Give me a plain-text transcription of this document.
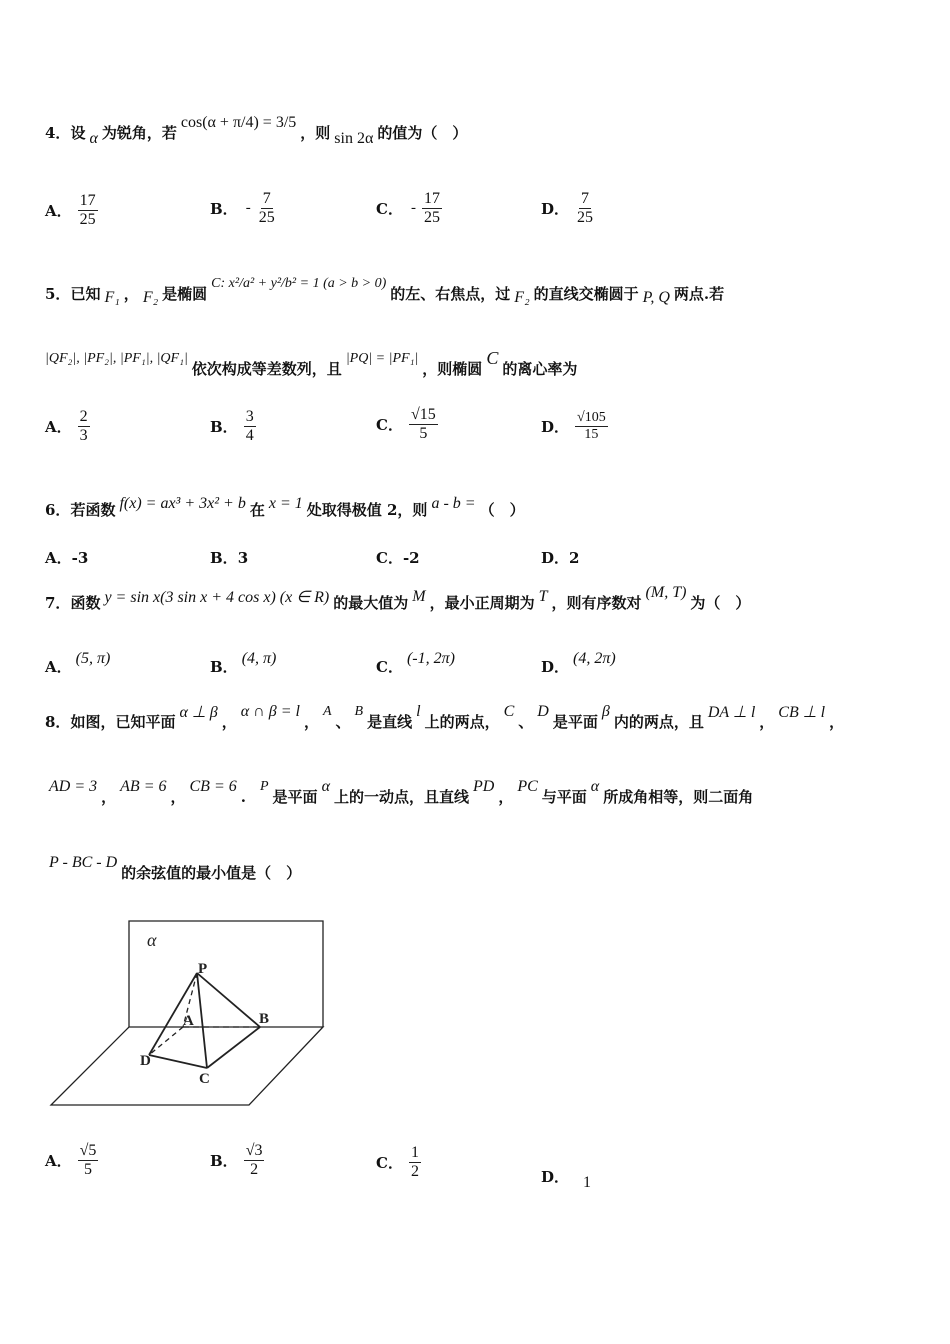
4． 设 α 为锐角，若
cos(α + π/4) = 3/5
，则 sin 2α 的值为（　）
A． $\frac{17}{25}$	B． - $\frac{7}{25}$	C． - $\frac{17}{25}$	D． $\frac{7}{25}$
5． 已知 F₁ ， F₂ 是椭圆
C: x²/a² + y²/b² = 1 (a > b > 0)
的左、右焦点，过 F₂ 的直线交椭圆于 P, Q 两点.若
|QF₂|, |PF₂|, |PF₁|, |QF₁|
依次构成等差数列，且
|PQ| = |PF₁|
，则椭圆
C
的离心率为
A． $\frac{2}{3}$	B． $\frac{3}{4}$	C． $\frac{√15}{5}$	D． $\frac{√105}{15}$
6． 若函数 f(x) = ax³ + 3x² + b 在 x = 1 处取得极值 2，则 a - b = （　）
A． -3	B． 3	C． -2	D． 2
7． 函数 y = sin x(3 sin x + 4 cos x) (x ∈ R) 的最大值为 M ，最小正周期为 T ，则有序数对
(M, T)
为（　）
A． (5, π)	B． (4, π)	C． (-1, 2π)	D． (4, 2π)
8． 如图，已知平面
α ⊥ β
，
α ∩ β = l
，
A
、
B
是直线
l
上的两点，
C
、
D
是平面
β
内的两点，且
DA ⊥ l
，
CB ⊥ l
，
AD = 3
，
AB = 6
，
CB = 6
.
P
是平面
α
上的一动点，且直线
PD
，
PC
与平面
α
所成角相等，则二面角
P - BC - D
的余弦值的最小值是（　）
α
P
A	B
D
C
A． $\frac{√5}{5}$	B． $\frac{√3}{2}$	C． $\frac{1}{2}$	D． 1
